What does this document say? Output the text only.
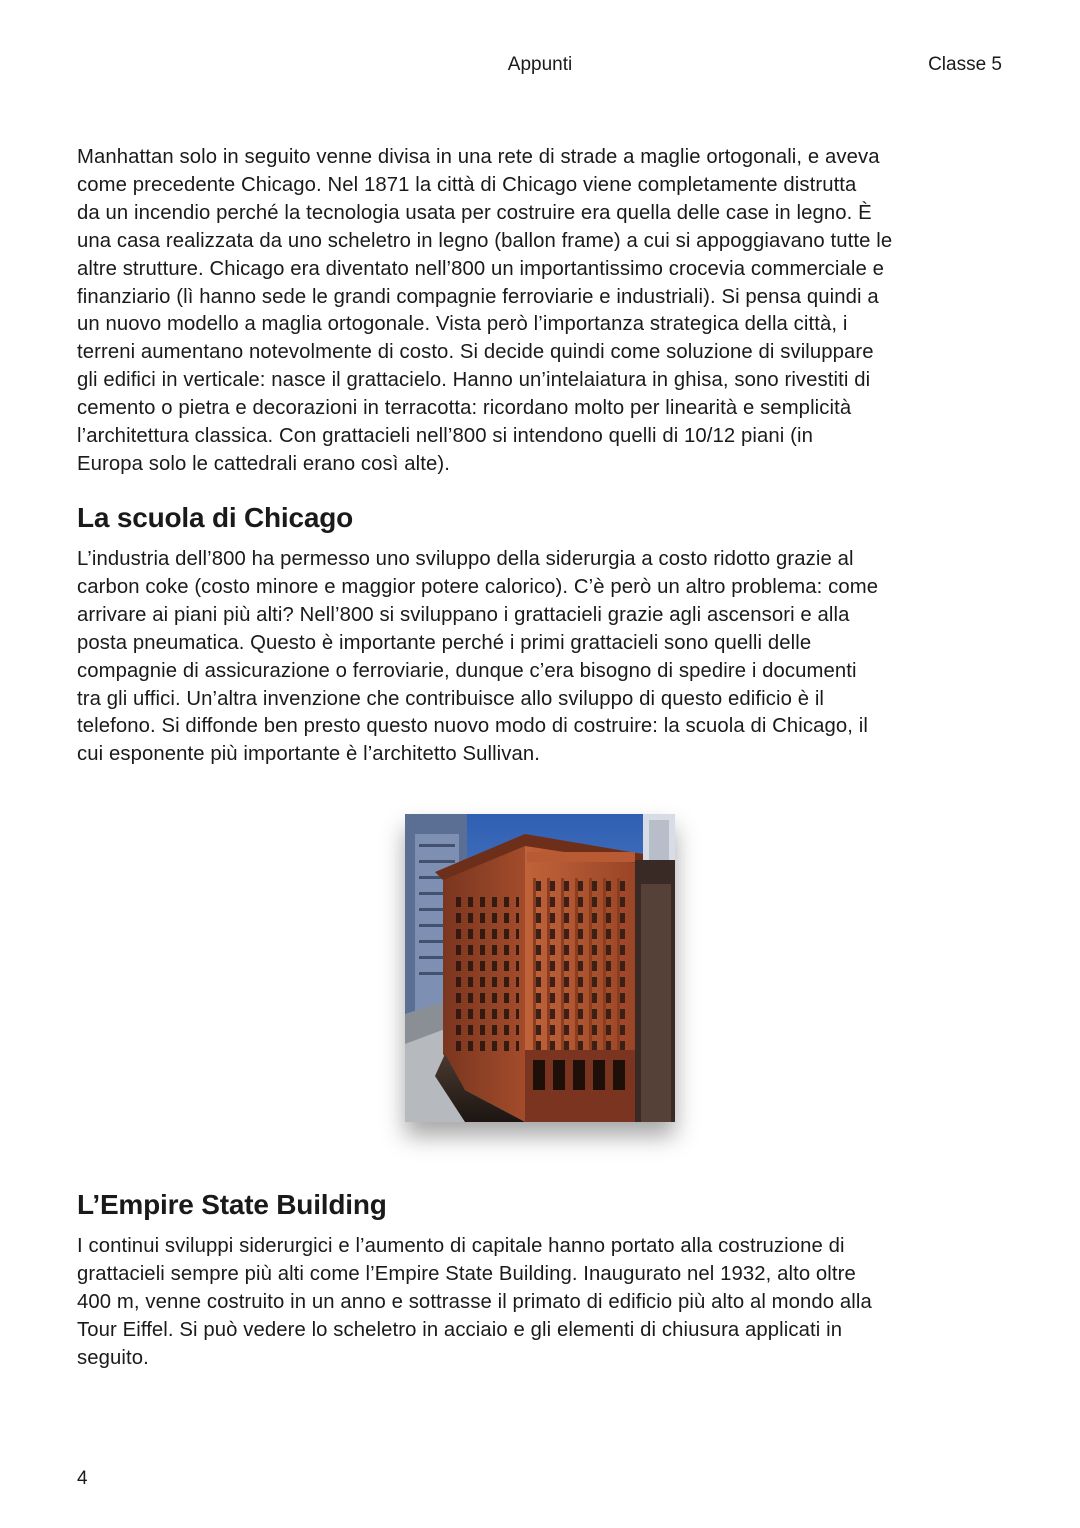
Appunti	Classe 5
Manhattan solo in seguito venne divisa in una rete di strade a maglie ortogonali, e aveva
come precedente Chicago. Nel 1871 la città di Chicago viene completamente distrutta
da un incendio perché la tecnologia usata per costruire era quella delle case in legno. È
una casa realizzata da uno scheletro in legno (ballon frame) a cui si appoggiavano tutte le
altre strutture. Chicago era diventato nell’800 un importantissimo crocevia commerciale e
finanziario (lì hanno sede le grandi compagnie ferroviarie e industriali). Si pensa quindi a
un nuovo modello a maglia ortogonale. Vista però l’importanza strategica della città, i
terreni aumentano notevolmente di costo. Si decide quindi come soluzione di sviluppare
gli edifici in verticale: nasce il grattacielo. Hanno un’intelaiatura in ghisa, sono rivestiti di
cemento o pietra e decorazioni in terracotta: ricordano molto per linearità e semplicità
l’architettura classica. Con grattacieli nell’800 si intendono quelli di 10/12 piani (in
Europa solo le cattedrali erano così alte).
La scuola di Chicago
L’industria dell’800 ha permesso uno sviluppo della siderurgia a costo ridotto grazie al
carbon coke (costo minore e maggior potere calorico). C’è però un altro problema: come
arrivare ai piani più alti? Nell’800 si sviluppano i grattacieli grazie agli ascensori e alla
posta pneumatica. Questo è importante perché i primi grattacieli sono quelli delle
compagnie di assicurazione o ferroviarie, dunque c’era bisogno di spedire i documenti
tra gli uffici. Un’altra invenzione che contribuisce allo sviluppo di questo edificio è il
telefono. Si diffonde ben presto questo nuovo modo di costruire: la scuola di Chicago, il
cui esponente più importante è l’architetto Sullivan.
L’Empire State Building
I continui sviluppi siderurgici e l’aumento di capitale hanno portato alla costruzione di
grattacieli sempre più alti come l’Empire State Building. Inaugurato nel 1932, alto oltre
400 m, venne costruito in un anno e sottrasse il primato di edificio più alto al mondo alla
Tour Eiffel. Si può vedere lo scheletro in acciaio e gli elementi di chiusura applicati in
seguito.
4
